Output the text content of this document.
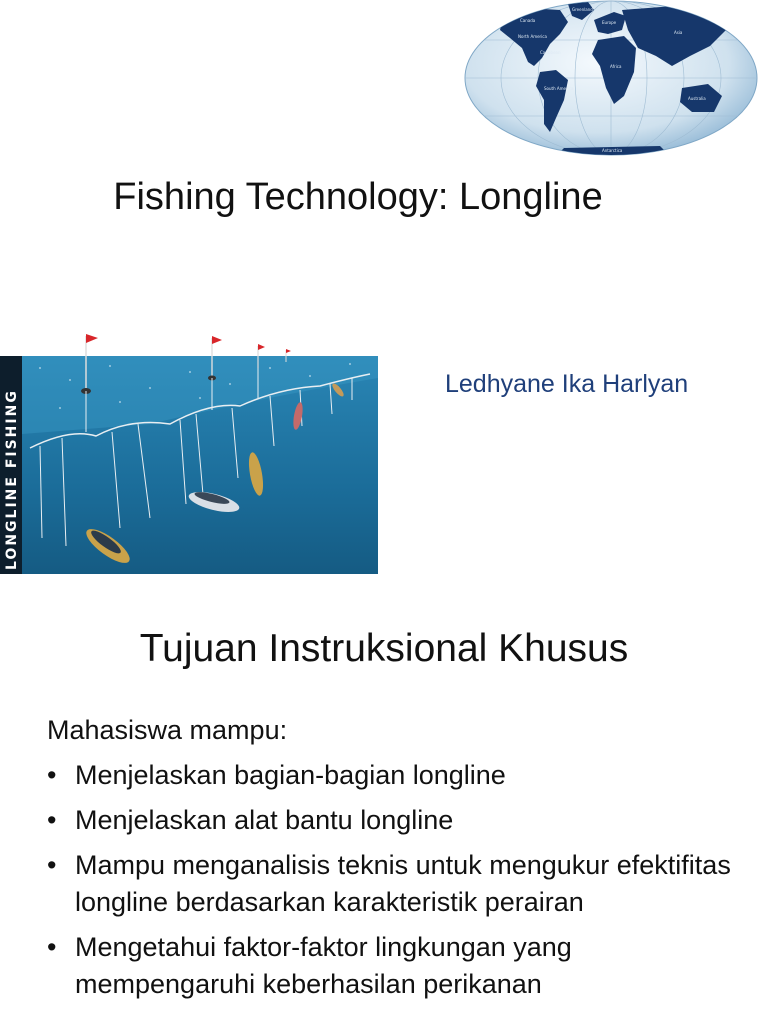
Greenland
Canada	Europe
Asia
North America
Caribbean
Africa
South America
Australia
Antarctica
Fishing Technology: Longline
LONGLINE FISHING
Ledhyane Ika Harlyan
Tujuan Instruksional Khusus
Mahasiswa mampu:
• Menjelaskan bagian-bagian longline
• Menjelaskan alat bantu longline
• Mampu menganalisis teknis untuk mengukur efektifitas longline berdasarkan karakteristik perairan
• Mengetahui faktor-faktor lingkungan yang mempengaruhi keberhasilan perikanan
